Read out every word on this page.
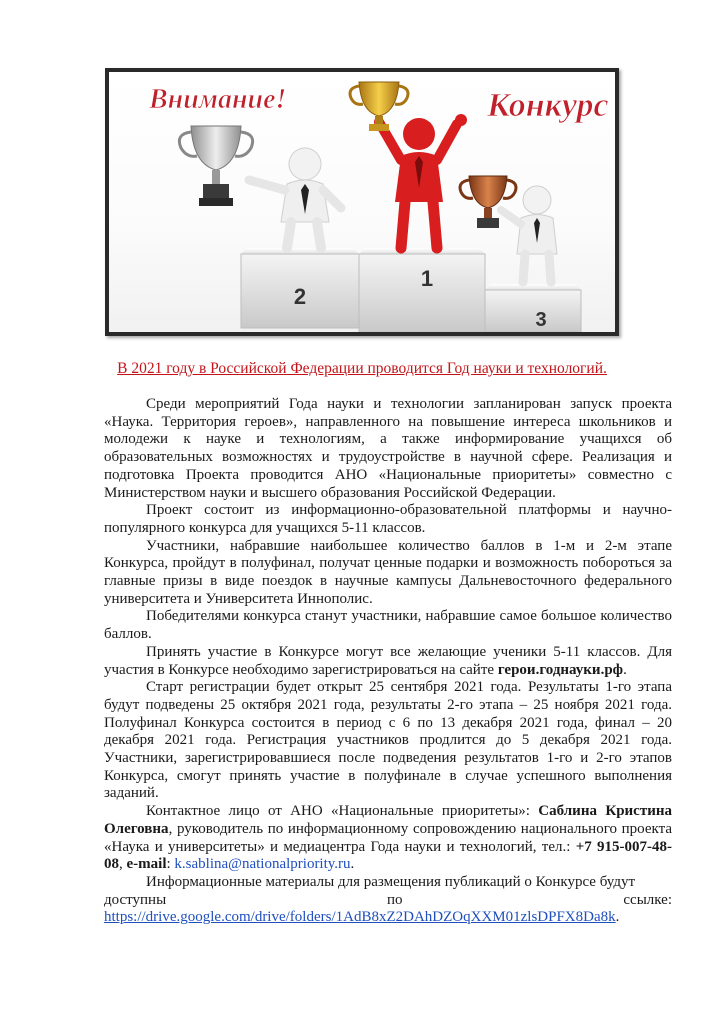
Внимание!	Конкурс
2
3
1
В 2021 году в Российской Федерации проводится Год науки и технологий.

Среди мероприятий Года науки и технологии запланирован запуск проекта «Наука. Территория героев», направленного на повышение интереса школьников и молодежи к науке и технологиям, а также информирование учащихся об образовательных возможностях и трудоустройстве в научной сфере. Реализация и подготовка Проекта проводится АНО «Национальные приоритеты» совместно с Министерством науки и высшего образования Российской Федерации.

Проект состоит из информационно-образовательной платформы и научно-популярного конкурса для учащихся 5-11 классов.

Участники, набравшие наибольшее количество баллов в 1-м и 2-м этапе Конкурса, пройдут в полуфинал, получат ценные подарки и возможность побороться за главные призы в виде поездок в научные кампусы Дальневосточного федерального университета и Университета Иннополис.

Победителями конкурса станут участники, набравшие самое большое количество баллов.

Принять участие в Конкурсе могут все желающие ученики 5-11 классов. Для участия в Конкурсе необходимо зарегистрироваться на сайте герои.годнауки.рф.

Старт регистрации будет открыт 25 сентября 2021 года. Результаты 1-го этапа будут подведены 25 октября 2021 года, результаты 2-го этапа – 25 ноября 2021 года. Полуфинал Конкурса состоится в период с 6 по 13 декабря 2021 года, финал – 20 декабря 2021 года. Регистрация участников продлится до 5 декабря 2021 года. Участники, зарегистрировавшиеся после подведения результатов 1-го и 2-го этапов Конкурса, смогут принять участие в полуфинале в случае успешного выполнения заданий.

Контактное лицо от АНО «Национальные приоритеты»: Саблина Кристина Олеговна, руководитель по информационному сопровождению национального проекта «Наука и университеты» и медиацентра Года науки и технологий, тел.: +7 915-007-48-08, e-mail: k.sablina@nationalpriority.ru.

Информационные материалы для размещения публикаций о Конкурсе будут

доступны	по	ссылке:
https://drive.google.com/drive/folders/1AdB8xZ2DAhDZOqXXM01zlsDPFX8Da8k.
